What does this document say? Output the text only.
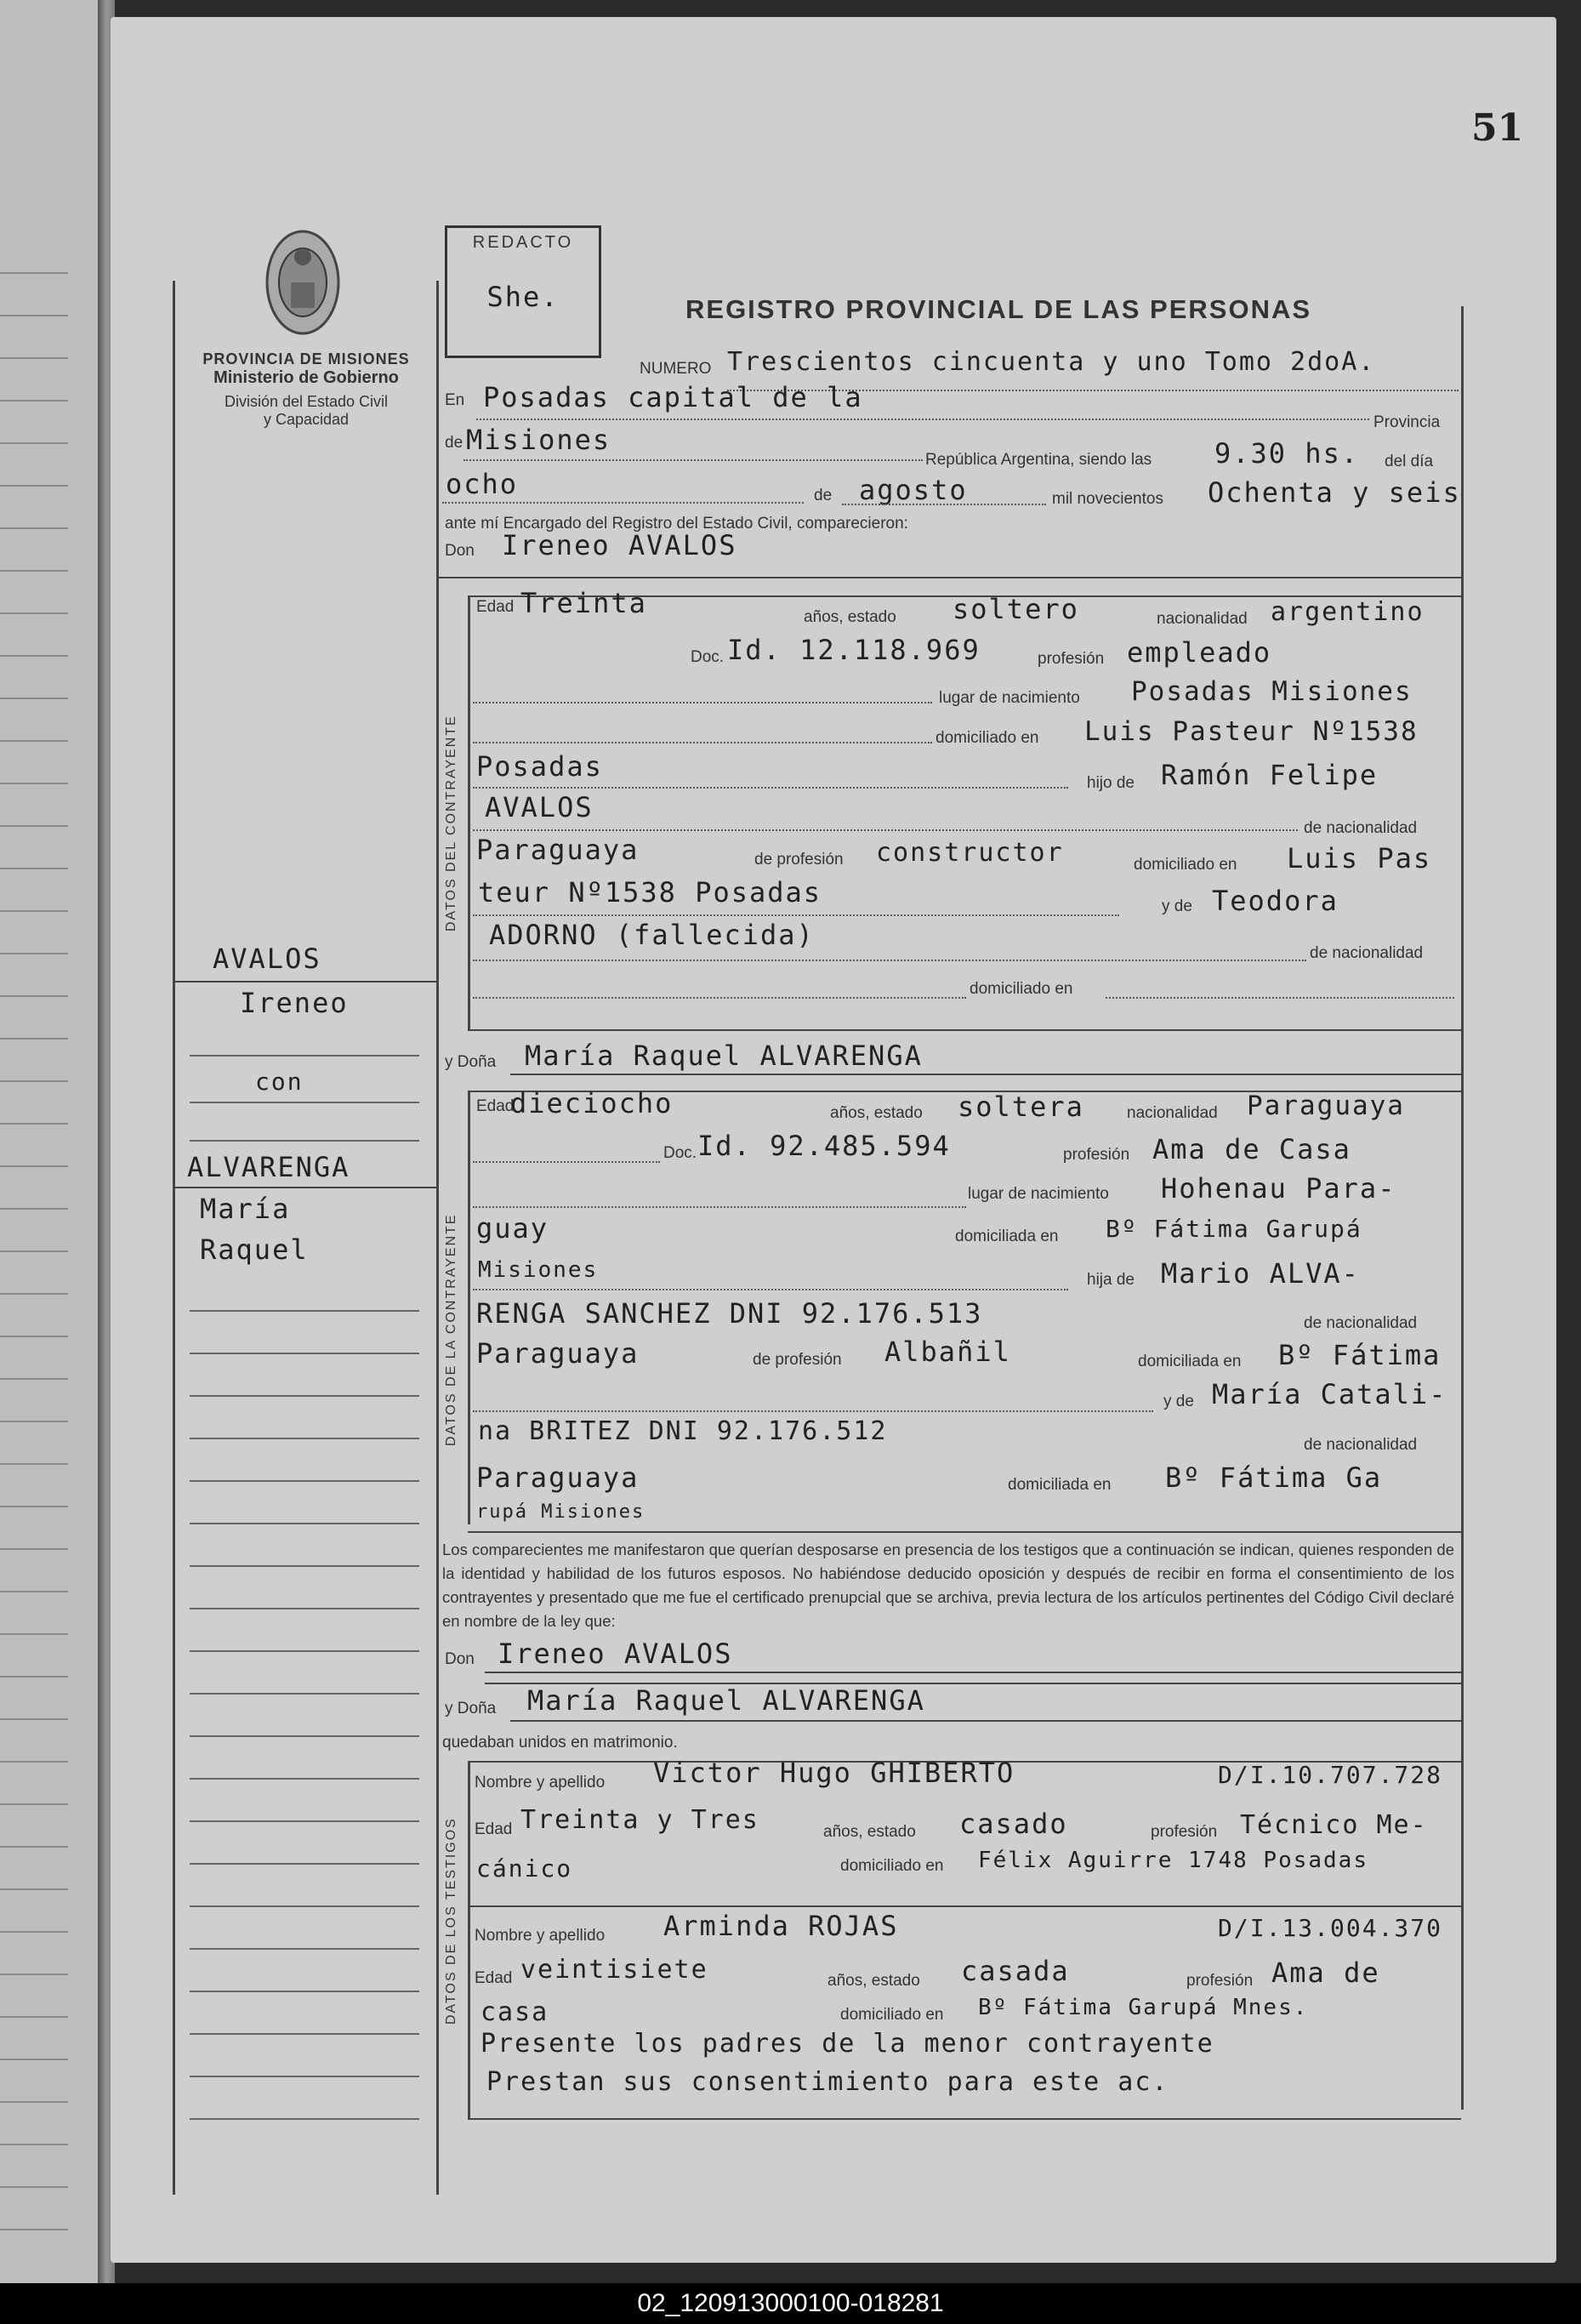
51
PROVINCIA DE MISIONES
Ministerio de Gobierno
División del Estado Civil
y Capacidad
REDACTO
She.	REGISTRO PROVINCIAL DE LAS PERSONAS
NUMERO Trescientos cincuenta y uno Tomo 2doA.
En Posadas capital de la
Provincia
de Misiones
República Argentina, siendo las 9.30 hs. del día
ocho	de agosto	mil novecientos Ochenta y seis
ante mí Encargado del Registro del Estado Civil, comparecieron:
Don Ireneo AVALOS
DATOS DEL CONTRAYENTE
Edad Treinta	años, estado soltero	nacionalidad argentino
Doc. Id. 12.118.969	profesión empleado
lugar de nacimiento Posadas Misiones
domiciliado en Luis Pasteur Nº1538
Posadas
hijo de Ramón Felipe
AVALOS
de nacionalidad
Paraguaya	de profesión constructor	domiciliado en Luis Pas
teur Nº1538 Posadas	y de Teodora
ADORNO (fallecida)
de nacionalidad
domiciliado en
y Doña María Raquel ALVARENGA
DATOS DE LA CONTRAYENTE
Edad
dieciocho	años, estado soltera	nacionalidad Paraguaya
Doc. Id. 92.485.594	profesión Ama de Casa
lugar de nacimiento Hohenau Para-
guay	domiciliada en Bº Fátima Garupá
Misiones	hija de Mario ALVA-
RENGA SANCHEZ DNI 92.176.513	de nacionalidad
Paraguaya	de profesión Albañil	domiciliada en Bº Fátima
y de María Catali-
na BRITEZ DNI 92.176.512	de nacionalidad
Paraguaya	domiciliada en Bº Fátima Ga
rupá Misiones
Los comparecientes me manifestaron que querían desposarse en presencia de los testigos que a continuación se indican, quienes responden de la identidad y habilidad de los futuros esposos. No habiéndose deducido oposición y después de recibir en forma el consentimiento de los contrayentes y presentado que me fue el certificado prenupcial que se archiva, previa lectura de los artículos pertinentes del Código Civil declaré en nombre de la ley que:
Don Ireneo AVALOS
y Doña María Raquel ALVARENGA
quedaban unidos en matrimonio.
DATOS DE LOS TESTIGOS
Nombre y apellido Victor Hugo GHIBERTO	D/I.10.707.728
Edad Treinta y Tres	años, estado casado	profesión Técnico Me-
cánico	domiciliado en Félix Aguirre 1748 Posadas
Nombre y apellido Arminda ROJAS	D/I.13.004.370
Edad veintisiete	años, estado casada	profesión Ama de
casa	domiciliado en Bº Fátima Garupá Mnes.
Presente los padres de la menor contrayente
Prestan sus consentimiento para este ac.
AVALOS
Ireneo
con
ALVARENGA
María
Raquel
02_120913000100-018281
